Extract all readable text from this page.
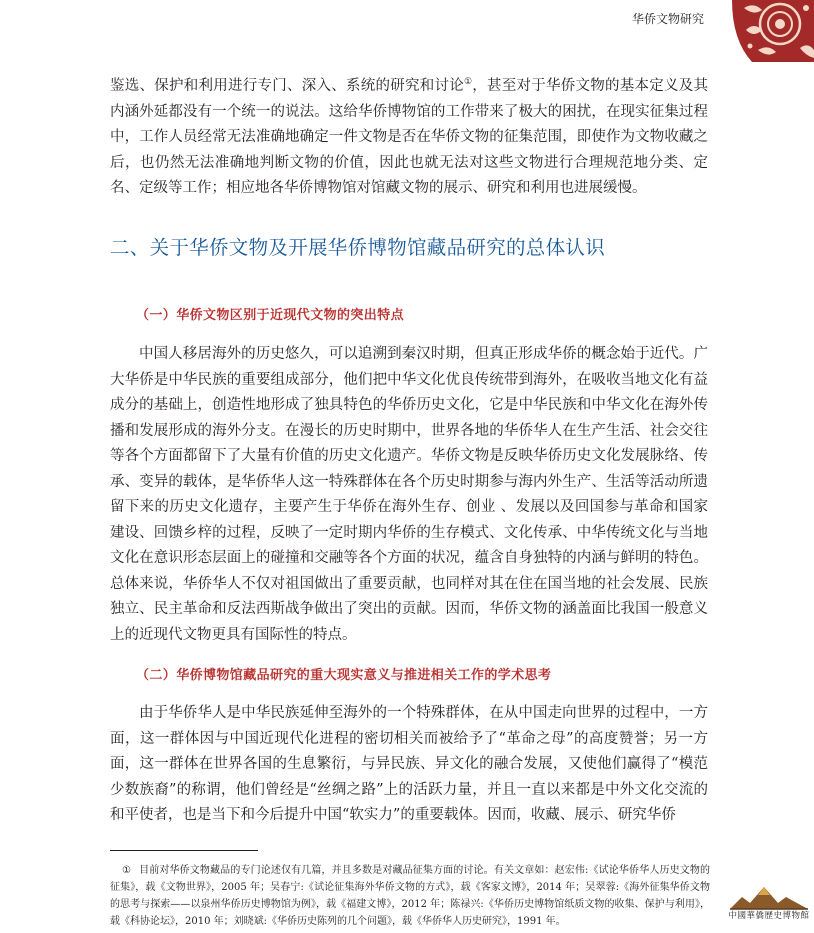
华侨文物研究

鉴选、保护和利用进行专门、深入、系统的研究和讨论①，甚至对于华侨文物的基本定义及其内涵外延都没有一个统一的说法。这给华侨博物馆的工作带来了极大的困扰，在现实征集过程中，工作人员经常无法准确地确定一件文物是否在华侨文物的征集范围，即使作为文物收藏之后，也仍然无法准确地判断文物的价值，因此也就无法对这些文物进行合理规范地分类、定名、定级等工作；相应地各华侨博物馆对馆藏文物的展示、研究和利用也进展缓慢。

二、关于华侨文物及开展华侨博物馆藏品研究的总体认识
（一）华侨文物区别于近现代文物的突出特点

中国人移居海外的历史悠久，可以追溯到秦汉时期，但真正形成华侨的概念始于近代。广大华侨是中华民族的重要组成部分，他们把中华文化优良传统带到海外，在吸收当地文化有益成分的基础上，创造性地形成了独具特色的华侨历史文化，它是中华民族和中华文化在海外传播和发展形成的海外分支。在漫长的历史时期中，世界各地的华侨华人在生产生活、社会交往等各个方面都留下了大量有价值的历史文化遗产。华侨文物是反映华侨历史文化发展脉络、传承、变异的载体，是华侨华人这一特殊群体在各个历史时期参与海内外生产、生活等活动所遗留下来的历史文化遗存，主要产生于华侨在海外生存、创业 、发展以及回国参与革命和国家建设、回馈乡梓的过程，反映了一定时期内华侨的生存模式、文化传承、中华传统文化与当地文化在意识形态层面上的碰撞和交融等各个方面的状况，蕴含自身独特的内涵与鲜明的特色。总体来说，华侨华人不仅对祖国做出了重要贡献，也同样对其在住在国当地的社会发展、民族独立、民主革命和反法西斯战争做出了突出的贡献。因而，华侨文物的涵盖面比我国一般意义上的近现代文物更具有国际性的特点。

（二）华侨博物馆藏品研究的重大现实意义与推进相关工作的学术思考

由于华侨华人是中华民族延伸至海外的一个特殊群体，在从中国走向世界的过程中，一方面，这一群体因与中国近现代化进程的密切相关而被给予了“革命之母”的高度赞誉；另一方面，这一群体在世界各国的生息繁衍，与异民族、异文化的融合发展，又使他们赢得了“模范少数族裔”的称谓，他们曾经是“丝绸之路”上的活跃力量，并且一直以来都是中外文化交流的和平使者，也是当下和今后提升中国“软实力”的重要载体。因而，收藏、展示、研究华侨

① 目前对华侨文物藏品的专门论述仅有几篇，并且多数是对藏品征集方面的讨论。有关文章如：赵宏伟:《试论华侨华人历史文物的征集》，载《文物世界》，2005 年；吴春宁:《试论征集海外华侨文物的方式》，载《客家文博》，2014 年；吴翠蓉:《海外征集华侨文物的思考与探索——以泉州华侨历史博物馆为例》，载《福建文博》，2012 年；陈禄兴:《华侨历史博物馆纸质文物的收集、保护与利用》，载《科协论坛》，2010 年；刘晓斌:《华侨历史陈列的几个问题》，载《华侨华人历史研究》，1991 年。	中國華僑歷史博物館
